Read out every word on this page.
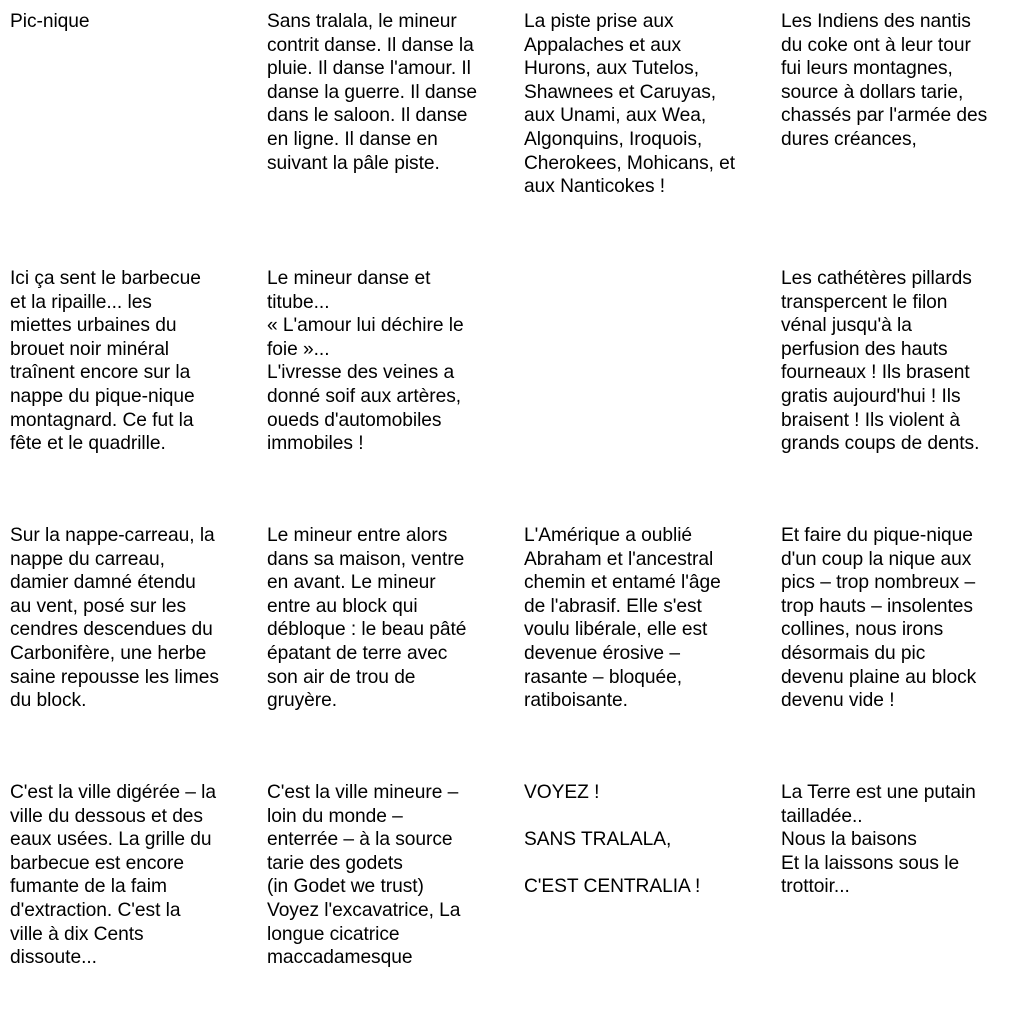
Pic-nique	Sans tralala, le mineur
contrit danse. Il danse la
pluie. Il danse l'amour. Il
danse la guerre. Il danse
dans le saloon. Il danse
en ligne. Il danse en
suivant la pâle piste.
La piste prise aux
Appalaches et aux
Hurons, aux Tutelos,
Shawnees et Caruyas,
aux Unami, aux Wea,
Algonquins, Iroquois,
Cherokees, Mohicans, et
aux Nanticokes !
Les Indiens des nantis
du coke ont à leur tour
fui leurs montagnes,
source à dollars tarie,
chassés par l'armée des
dures créances,
Ici ça sent le barbecue
et la ripaille... les
miettes urbaines du
brouet noir minéral
traînent encore sur la
nappe du pique-nique
montagnard. Ce fut la
fête et le quadrille.
Le mineur danse et
titube...
« L'amour lui déchire le
foie »...
L'ivresse des veines a
donné soif aux artères,
oueds d'automobiles
immobiles !
Les cathétères pillards
transpercent le filon
vénal jusqu'à la
perfusion des hauts
fourneaux ! Ils brasent
gratis aujourd'hui ! Ils
braisent ! Ils violent à
grands coups de dents.
Sur la nappe-carreau, la
nappe du carreau,
damier damné étendu
au vent, posé sur les
cendres descendues du
Carbonifère, une herbe
saine repousse les limes
du block.
Le mineur entre alors
dans sa maison, ventre
en avant. Le mineur
entre au block qui
débloque : le beau pâté
épatant de terre avec
son air de trou de
gruyère.
L'Amérique a oublié
Abraham et l'ancestral
chemin et entamé l'âge
de l'abrasif. Elle s'est
voulu libérale, elle est
devenue érosive –
rasante – bloquée,
ratiboisante.
Et faire du pique-nique
d'un coup la nique aux
pics – trop nombreux –
trop hauts – insolentes
collines, nous irons
désormais du pic
devenu plaine au block
devenu vide !
C'est la ville digérée – la
ville du dessous et des
eaux usées. La grille du
barbecue est encore
fumante de la faim
d'extraction. C'est la
ville à dix Cents
dissoute...
C'est la ville mineure –
loin du monde –
enterrée – à la source
tarie des godets
(in Godet we trust)
Voyez l'excavatrice, La
longue cicatrice
maccadamesque
VOYEZ !

SANS TRALALA,

C'EST CENTRALIA !
La Terre est une putain
tailladée..
Nous la baisons
Et la laissons sous le
trottoir...
